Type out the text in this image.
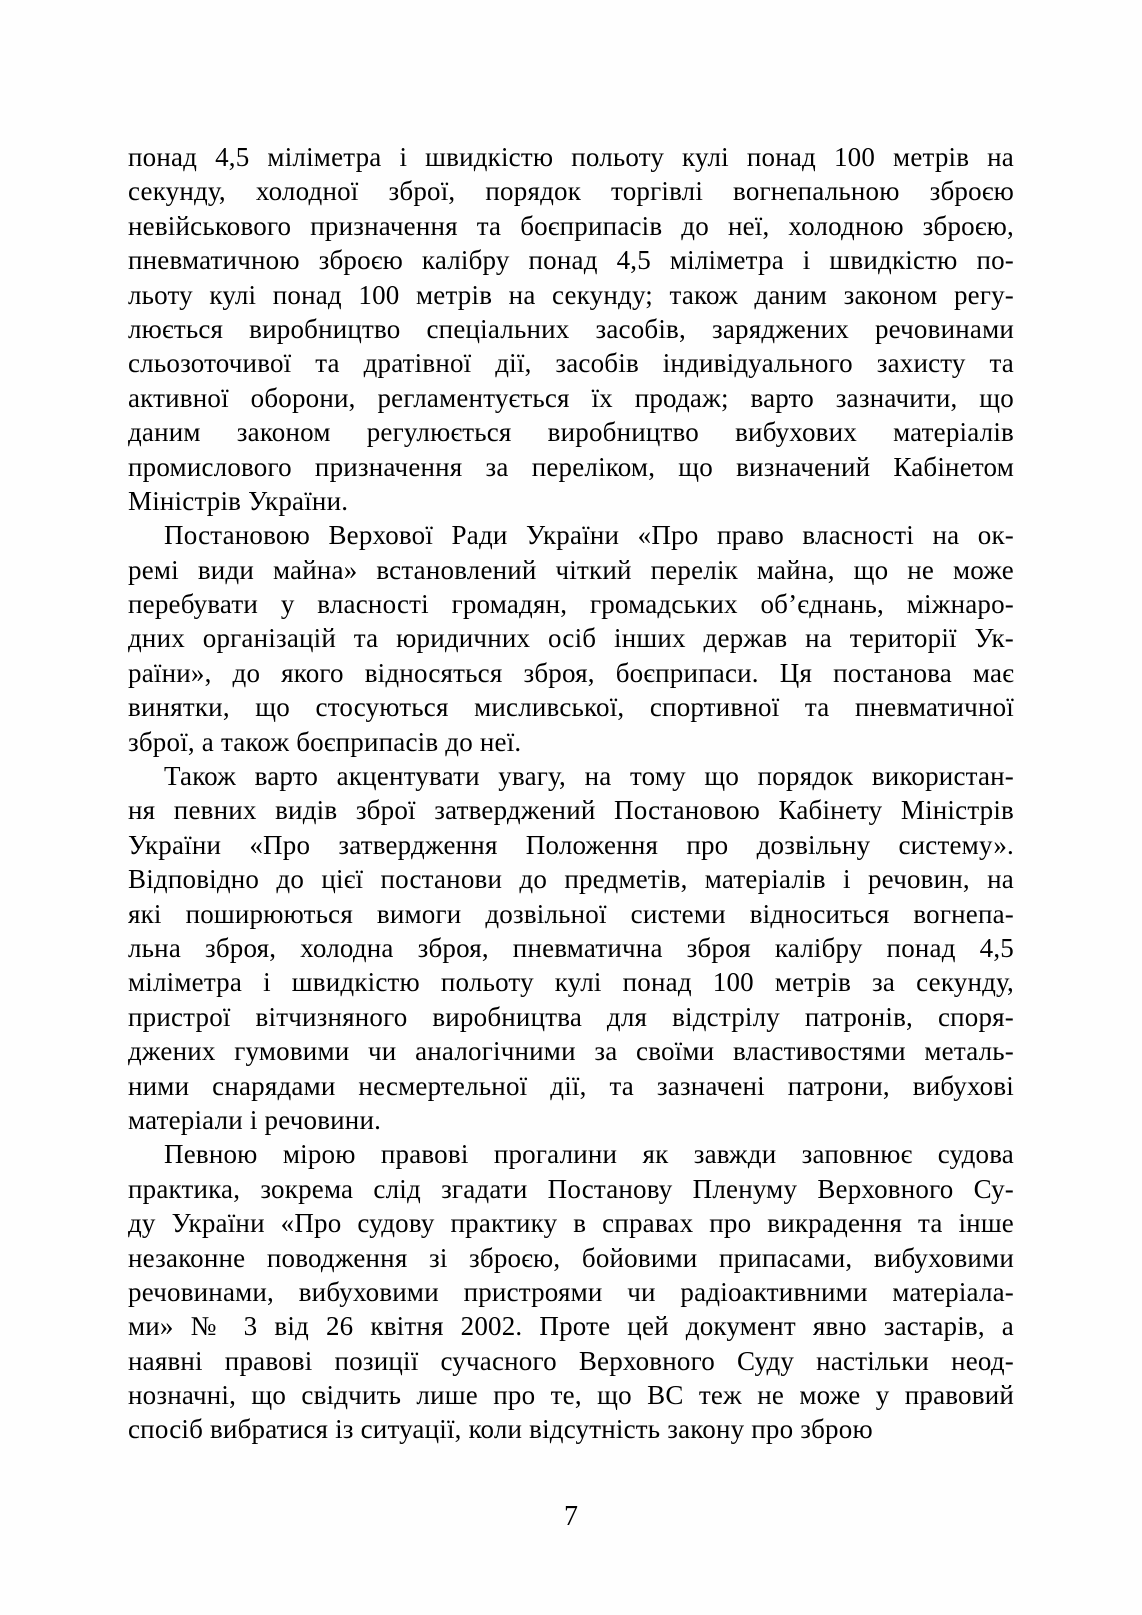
понад 4,5 міліметра і швидкістю польоту кулі понад 100 метрів на
секунду, холодної зброї, порядок торгівлі вогнепальною зброєю
невійськового призначення та боєприпасів до неї, холодною зброєю,
пневматичною зброєю калібру понад 4,5 міліметра і швидкістю по-
льоту кулі понад 100 метрів на секунду; також даним законом регу-
люється виробництво спеціальних засобів, заряджених речовинами
сльозоточивої та дратівної дії, засобів індивідуального захисту та
активної оборони, регламентується їх продаж; варто зазначити, що
даним законом регулюється виробництво вибухових матеріалів
промислового призначення за переліком, що визначений Кабінетом
Міністрів України.
Постановою Верхової Ради України «Про право власності на ок-
ремі види майна» встановлений чіткий перелік майна, що не може
перебувати у власності громадян, громадських об’єднань, міжнаро-
дних організацій та юридичних осіб інших держав на території Ук-
раїни», до якого відносяться зброя, боєприпаси. Ця постанова має
винятки, що стосуються мисливської, спортивної та пневматичної
зброї, а також боєприпасів до неї.
Також варто акцентувати увагу, на тому що порядок використан-
ня певних видів зброї затверджений Постановою Кабінету Міністрів
України «Про затвердження Положення про дозвільну систему».
Відповідно до цієї постанови до предметів, матеріалів і речовин, на
які поширюються вимоги дозвільної системи відноситься вогнепа-
льна зброя, холодна зброя, пневматична зброя калібру понад 4,5
міліметра і швидкістю польоту кулі понад 100 метрів за секунду,
пристрої вітчизняного виробництва для відстрілу патронів, споря-
джених гумовими чи аналогічними за своїми властивостями металь-
ними снарядами несмертельної дії, та зазначені патрони, вибухові
матеріали і речовини.
Певною мірою правові прогалини як завжди заповнює судова
практика, зокрема слід згадати Постанову Пленуму Верховного Су-
ду України «Про судову практику в справах про викрадення та інше
незаконне поводження зі зброєю, бойовими припасами, вибуховими
речовинами, вибуховими пристроями чи радіоактивними матеріала-
ми» № 3 від 26 квітня 2002. Проте цей документ явно застарів, а
наявні правові позиції сучасного Верховного Суду настільки неод-
нозначні, що свідчить лише про те, що ВС теж не може у правовий
спосіб вибратися із ситуації, коли відсутність закону про зброю
7
